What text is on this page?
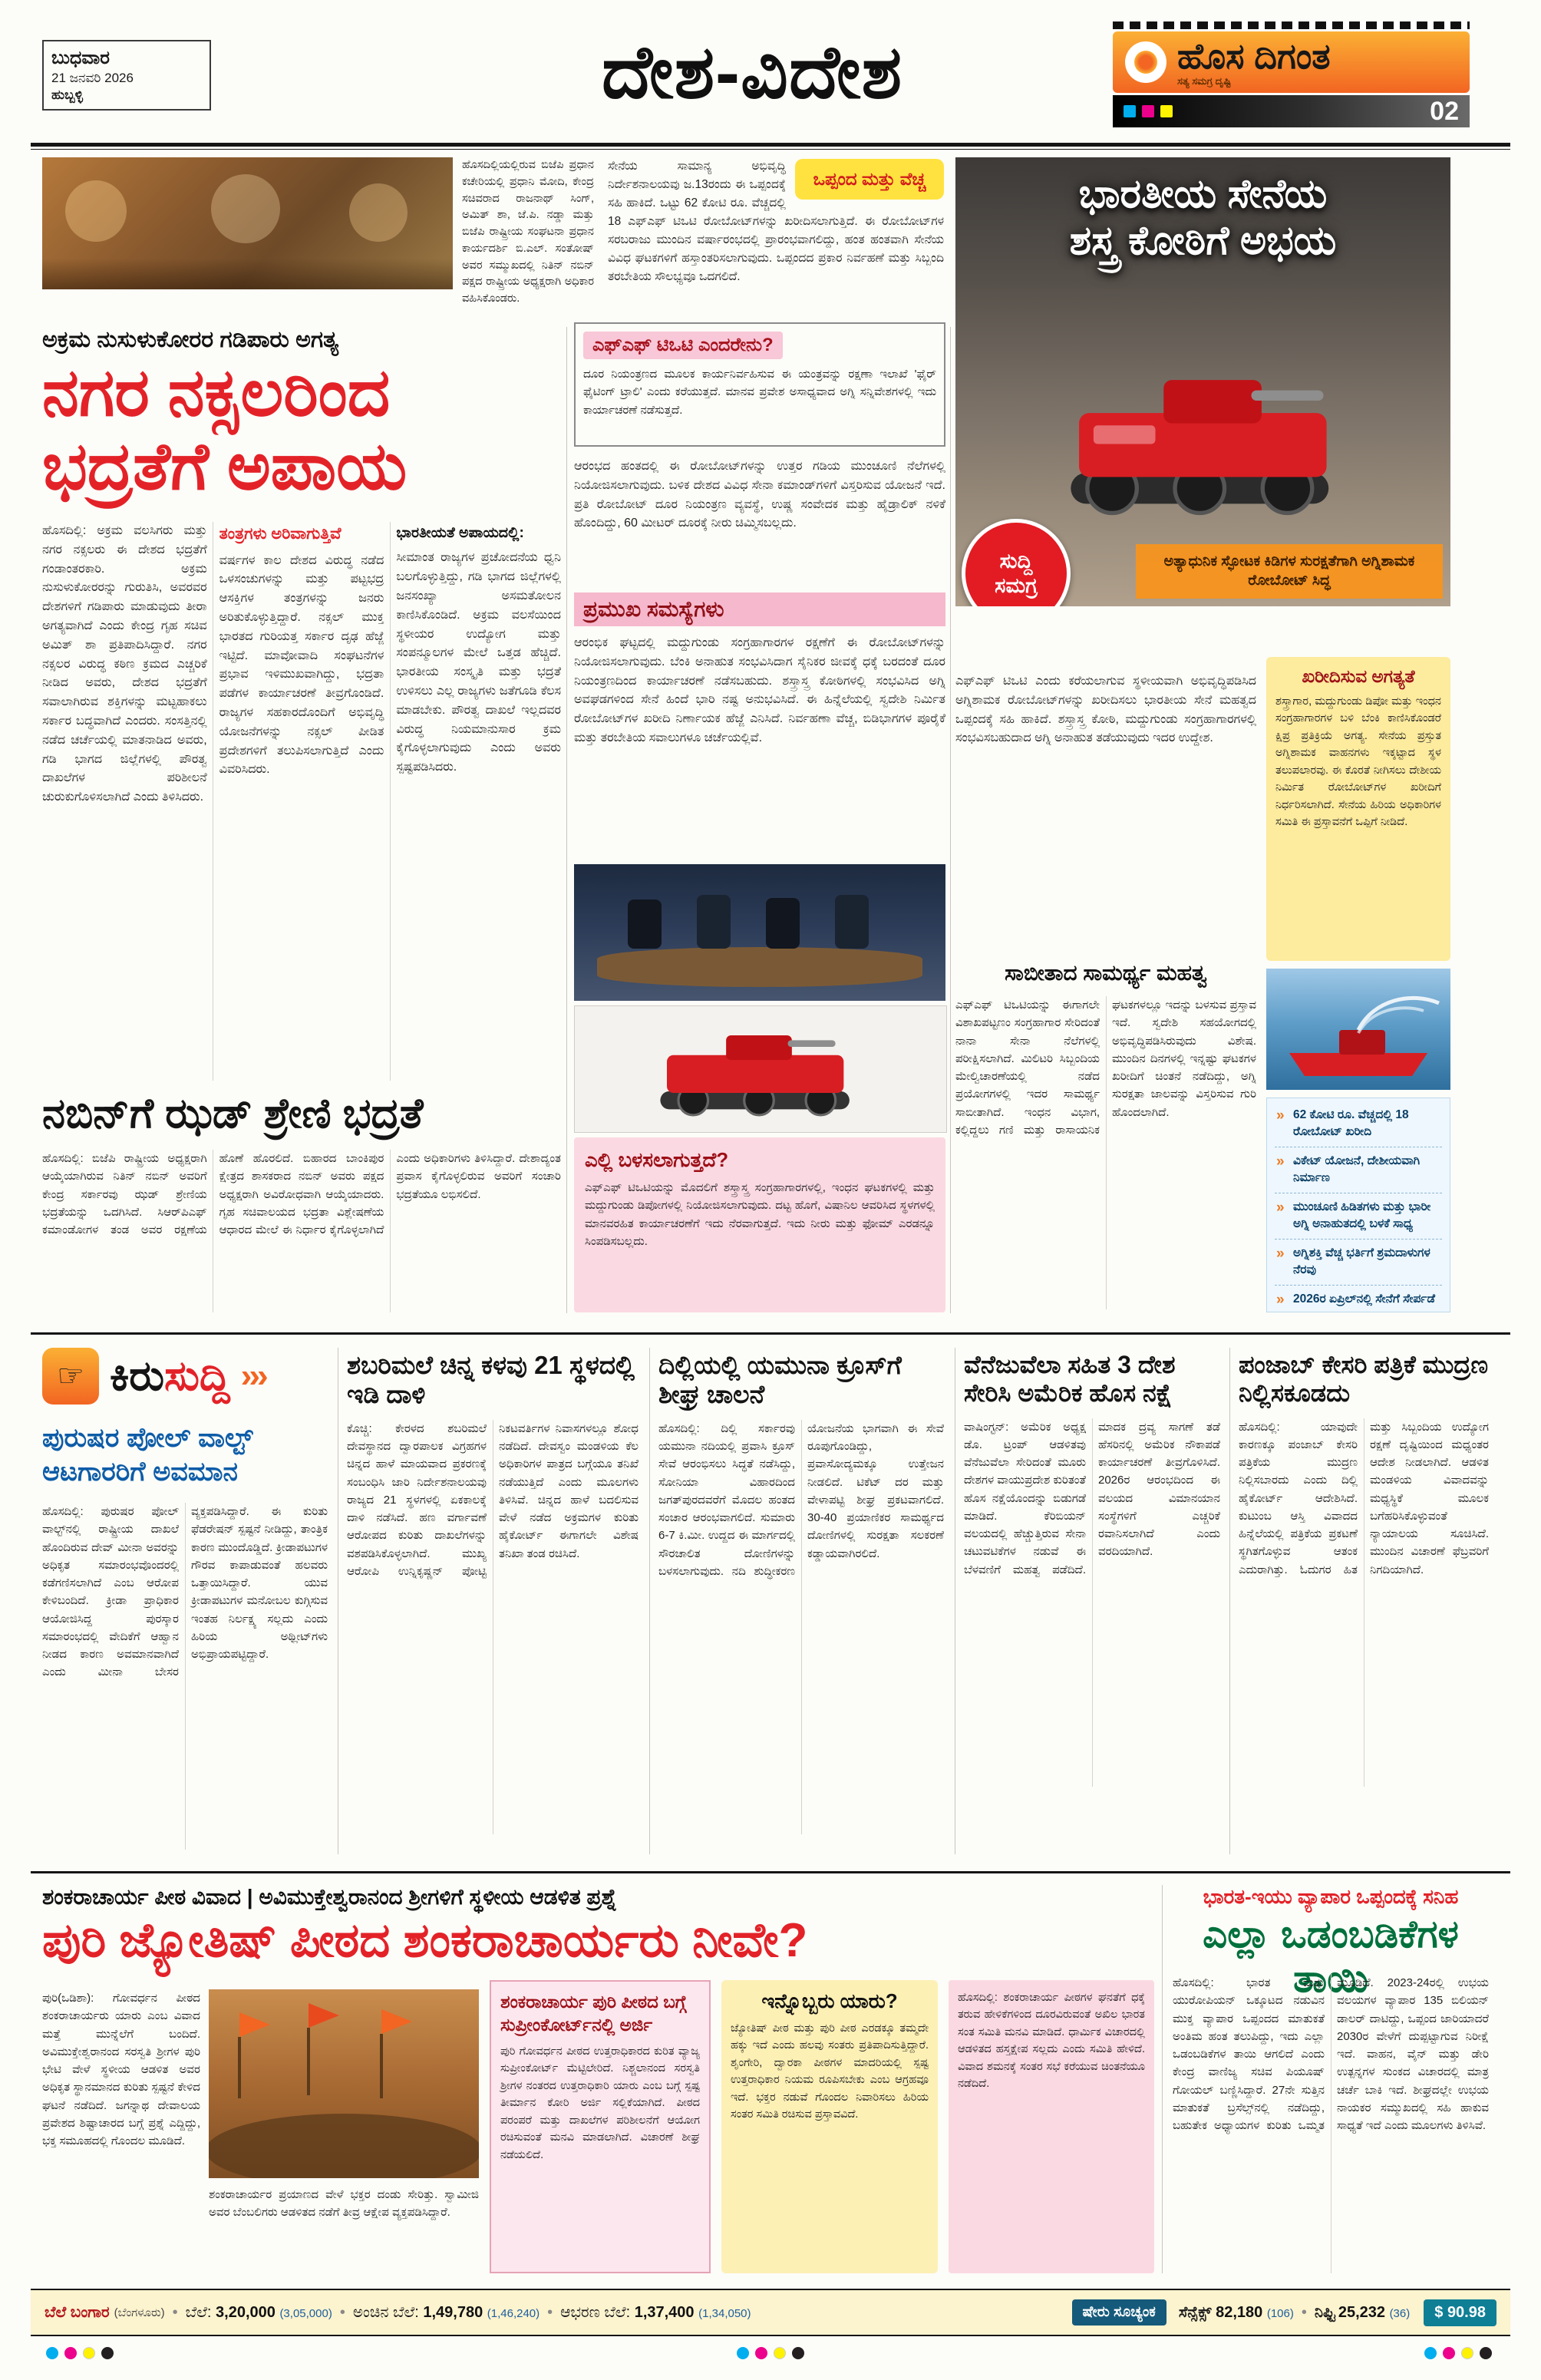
ಬುಧವಾರ
21 ಜನವರಿ 2026
ಹುಬ್ಬಳ್ಳಿ	ದೇಶ-ವಿದೇಶ	ಹೊಸ ದಿಗಂತ
ಸತ್ಯ ಸಮಗ್ರ ದೃಷ್ಟಿ
02
ಹೊಸದಿಲ್ಲಿಯಲ್ಲಿರುವ ಬಿಜೆಪಿ ಪ್ರಧಾನ ಕಚೇರಿಯಲ್ಲಿ ಪ್ರಧಾನಿ ಮೋದಿ, ಕೇಂದ್ರ ಸಚಿವರಾದ ರಾಜನಾಥ್ ಸಿಂಗ್, ಅಮಿತ್ ಶಾ, ಜೆ.ಪಿ. ನಡ್ಡಾ ಮತ್ತು ಬಿಜೆಪಿ ರಾಷ್ಟ್ರೀಯ ಸಂಘಟನಾ ಪ್ರಧಾನ ಕಾರ್ಯದರ್ಶಿ ಬಿ.ಎಲ್. ಸಂತೋಷ್ ಅವರ ಸಮ್ಮುಖದಲ್ಲಿ ನಿತಿನ್ ನಬಿನ್ ಪಕ್ಷದ ರಾಷ್ಟ್ರೀಯ ಅಧ್ಯಕ್ಷರಾಗಿ ಅಧಿಕಾರ ವಹಿಸಿಕೊಂಡರು.
ಒಪ್ಪಂದ ಮತ್ತು ವೆಚ್ಚ
ಸೇನೆಯ ಸಾಮಾನ್ಯ ಅಭಿವೃದ್ಧಿ ನಿರ್ದೇಶನಾಲಯವು ಜ.13ರಂದು ಈ ಒಪ್ಪಂದಕ್ಕೆ ಸಹಿ ಹಾಕಿದೆ. ಒಟ್ಟು 62 ಕೋಟಿ ರೂ. ವೆಚ್ಚದಲ್ಲಿ 18 ಎಫ್‌ಎಫ್ ಟಿಒಟಿ ರೋಬೋಟ್‌ಗಳನ್ನು ಖರೀದಿಸಲಾಗುತ್ತಿದೆ. ಈ ರೋಬೋಟ್‌ಗಳ ಸರಬರಾಜು ಮುಂದಿನ ವರ್ಷಾರಂಭದಲ್ಲಿ ಪ್ರಾರಂಭವಾಗಲಿದ್ದು, ಹಂತ ಹಂತವಾಗಿ ಸೇನೆಯ ವಿವಿಧ ಘಟಕಗಳಿಗೆ ಹಸ್ತಾಂತರಿಸಲಾಗುವುದು. ಒಪ್ಪಂದದ ಪ್ರಕಾರ ನಿರ್ವಹಣೆ ಮತ್ತು ಸಿಬ್ಬಂದಿ ತರಬೇತಿಯ ಸೌಲಭ್ಯವೂ ಒದಗಲಿದೆ.
ಭಾರತೀಯ ಸೇನೆಯ
ಶಸ್ತ್ರ ಕೋಠಿಗೆ ಅಭಯ
ಅತ್ಯಾಧುನಿಕ ಸ್ಫೋಟಕ ಕಿಡಿಗಳ ಸುರಕ್ಷತೆಗಾಗಿ ಅಗ್ನಿಶಾಮಕ ರೋಬೋಟ್ ಸಿದ್ಧ
ಸುದ್ದಿ
ಸಮಗ್ರ
ಅಕ್ರಮ ನುಸುಳುಕೋರರ ಗಡಿಪಾರು ಅಗತ್ಯ
ನಗರ ನಕ್ಸಲರಿಂದ
ಭದ್ರತೆಗೆ ಅಪಾಯ

ಹೊಸದಿಲ್ಲಿ: ಅಕ್ರಮ ವಲಸಿಗರು ಮತ್ತು ನಗರ ನಕ್ಸಲರು ಈ ದೇಶದ ಭದ್ರತೆಗೆ ಗಂಡಾಂತರಕಾರಿ. ಅಕ್ರಮ ನುಸುಳುಕೋರರನ್ನು ಗುರುತಿಸಿ, ಅವರವರ ದೇಶಗಳಿಗೆ ಗಡಿಪಾರು ಮಾಡುವುದು ತೀರಾ ಅಗತ್ಯವಾಗಿದೆ ಎಂದು ಕೇಂದ್ರ ಗೃಹ ಸಚಿವ ಅಮಿತ್ ಶಾ ಪ್ರತಿಪಾದಿಸಿದ್ದಾರೆ. ನಗರ ನಕ್ಸಲರ ವಿರುದ್ಧ ಕಠಿಣ ಕ್ರಮದ ಎಚ್ಚರಿಕೆ ನೀಡಿದ ಅವರು, ದೇಶದ ಭದ್ರತೆಗೆ ಸವಾಲಾಗಿರುವ ಶಕ್ತಿಗಳನ್ನು ಮಟ್ಟಹಾಕಲು ಸರ್ಕಾರ ಬದ್ಧವಾಗಿದೆ ಎಂದರು. ಸಂಸತ್ತಿನಲ್ಲಿ ನಡೆದ ಚರ್ಚೆಯಲ್ಲಿ ಮಾತನಾಡಿದ ಅವರು, ಗಡಿ ಭಾಗದ ಜಿಲ್ಲೆಗಳಲ್ಲಿ ಪೌರತ್ವ ದಾಖಲೆಗಳ ಪರಿಶೀಲನೆ ಚುರುಕುಗೊಳಿಸಲಾಗಿದೆ ಎಂದು ತಿಳಿಸಿದರು.

ತಂತ್ರಗಳು ಅರಿವಾಗುತ್ತಿವೆ

ವರ್ಷಗಳ ಕಾಲ ದೇಶದ ವಿರುದ್ಧ ನಡೆದ ಒಳಸಂಚುಗಳನ್ನು ಮತ್ತು ಪಟ್ಟಭದ್ರ ಆಸಕ್ತಿಗಳ ತಂತ್ರಗಳನ್ನು ಜನರು ಅರಿತುಕೊಳ್ಳುತ್ತಿದ್ದಾರೆ. ನಕ್ಸಲ್ ಮುಕ್ತ ಭಾರತದ ಗುರಿಯತ್ತ ಸರ್ಕಾರ ದೃಢ ಹೆಜ್ಜೆ ಇಟ್ಟಿದೆ. ಮಾವೋವಾದಿ ಸಂಘಟನೆಗಳ ಪ್ರಭಾವ ಇಳಿಮುಖವಾಗಿದ್ದು, ಭದ್ರತಾ ಪಡೆಗಳ ಕಾರ್ಯಾಚರಣೆ ತೀವ್ರಗೊಂಡಿದೆ. ರಾಜ್ಯಗಳ ಸಹಕಾರದೊಂದಿಗೆ ಅಭಿವೃದ್ಧಿ ಯೋಜನೆಗಳನ್ನು ನಕ್ಸಲ್ ಪೀಡಿತ ಪ್ರದೇಶಗಳಿಗೆ ತಲುಪಿಸಲಾಗುತ್ತಿದೆ ಎಂದು ವಿವರಿಸಿದರು.

ಭಾರತೀಯತೆ ಅಪಾಯದಲ್ಲಿ:

ಸೀಮಾಂತ ರಾಜ್ಯಗಳ ಪ್ರಚೋದನೆಯ ಧ್ವನಿ ಬಲಗೊಳ್ಳುತ್ತಿದ್ದು, ಗಡಿ ಭಾಗದ ಜಿಲ್ಲೆಗಳಲ್ಲಿ ಜನಸಂಖ್ಯಾ ಅಸಮತೋಲನ ಕಾಣಿಸಿಕೊಂಡಿದೆ. ಅಕ್ರಮ ವಲಸೆಯಿಂದ ಸ್ಥಳೀಯರ ಉದ್ಯೋಗ ಮತ್ತು ಸಂಪನ್ಮೂಲಗಳ ಮೇಲೆ ಒತ್ತಡ ಹೆಚ್ಚಿದೆ. ಭಾರತೀಯ ಸಂಸ್ಕೃತಿ ಮತ್ತು ಭದ್ರತೆ ಉಳಿಸಲು ಎಲ್ಲ ರಾಜ್ಯಗಳು ಜತೆಗೂಡಿ ಕೆಲಸ ಮಾಡಬೇಕು. ಪೌರತ್ವ ದಾಖಲೆ ಇಲ್ಲದವರ ವಿರುದ್ಧ ನಿಯಮಾನುಸಾರ ಕ್ರಮ ಕೈಗೊಳ್ಳಲಾಗುವುದು ಎಂದು ಅವರು ಸ್ಪಷ್ಟಪಡಿಸಿದರು.

ಎಫ್‌ಎಫ್ ಟಿಒಟಿ ಎಂದರೇನು?
ದೂರ ನಿಯಂತ್ರಣದ ಮೂಲಕ ಕಾರ್ಯನಿರ್ವಹಿಸುವ ಈ ಯಂತ್ರವನ್ನು ರಕ್ಷಣಾ ಇಲಾಖೆ 'ಫೈರ್ ಫೈಟಿಂಗ್ ಟ್ರಾಲಿ' ಎಂದು ಕರೆಯುತ್ತದೆ. ಮಾನವ ಪ್ರವೇಶ ಅಸಾಧ್ಯವಾದ ಅಗ್ನಿ ಸನ್ನಿವೇಶಗಳಲ್ಲಿ ಇದು ಕಾರ್ಯಾಚರಣೆ ನಡೆಸುತ್ತದೆ.
ಆರಂಭದ ಹಂತದಲ್ಲಿ ಈ ರೋಬೋಟ್‌ಗಳನ್ನು ಉತ್ತರ ಗಡಿಯ ಮುಂಚೂಣಿ ನೆಲೆಗಳಲ್ಲಿ ನಿಯೋಜಿಸಲಾಗುವುದು. ಬಳಿಕ ದೇಶದ ವಿವಿಧ ಸೇನಾ ಕಮಾಂಡ್‌ಗಳಿಗೆ ವಿಸ್ತರಿಸುವ ಯೋಜನೆ ಇದೆ. ಪ್ರತಿ ರೋಬೋಟ್ ದೂರ ನಿಯಂತ್ರಣ ವ್ಯವಸ್ಥೆ, ಉಷ್ಣ ಸಂವೇದಕ ಮತ್ತು ಹೈಡ್ರಾಲಿಕ್ ನಳಿಕೆ ಹೊಂದಿದ್ದು, 60 ಮೀಟರ್ ದೂರಕ್ಕೆ ನೀರು ಚಿಮ್ಮಿಸಬಲ್ಲದು.
ಪ್ರಮುಖ ಸಮಸ್ಯೆಗಳು
ಆರಂಭಿಕ ಘಟ್ಟದಲ್ಲಿ ಮದ್ದುಗುಂಡು ಸಂಗ್ರಹಾಗಾರಗಳ ರಕ್ಷಣೆಗೆ ಈ ರೋಬೋಟ್‌ಗಳನ್ನು ನಿಯೋಜಿಸಲಾಗುವುದು. ಬೆಂಕಿ ಅನಾಹುತ ಸಂಭವಿಸಿದಾಗ ಸೈನಿಕರ ಜೀವಕ್ಕೆ ಧಕ್ಕೆ ಬರದಂತೆ ದೂರ ನಿಯಂತ್ರಣದಿಂದ ಕಾರ್ಯಾಚರಣೆ ನಡೆಸಬಹುದು. ಶಸ್ತ್ರಾಸ್ತ್ರ ಕೋಠಿಗಳಲ್ಲಿ ಸಂಭವಿಸಿದ ಅಗ್ನಿ ಅವಘಡಗಳಿಂದ ಸೇನೆ ಹಿಂದೆ ಭಾರಿ ನಷ್ಟ ಅನುಭವಿಸಿದೆ. ಈ ಹಿನ್ನೆಲೆಯಲ್ಲಿ ಸ್ವದೇಶಿ ನಿರ್ಮಿತ ರೋಬೋಟ್‌ಗಳ ಖರೀದಿ ನಿರ್ಣಾಯಕ ಹೆಜ್ಜೆ ಎನಿಸಿದೆ. ನಿರ್ವಹಣಾ ವೆಚ್ಚ, ಬಿಡಿಭಾಗಗಳ ಪೂರೈಕೆ ಮತ್ತು ತರಬೇತಿಯ ಸವಾಲುಗಳೂ ಚರ್ಚೆಯಲ್ಲಿವೆ.
ಎಲ್ಲಿ ಬಳಸಲಾಗುತ್ತದೆ?
ಎಫ್‌ಎಫ್ ಟಿಒಟಿಯನ್ನು ಮೊದಲಿಗೆ ಶಸ್ತ್ರಾಸ್ತ್ರ ಸಂಗ್ರಹಾಗಾರಗಳಲ್ಲಿ, ಇಂಧನ ಘಟಕಗಳಲ್ಲಿ ಮತ್ತು ಮದ್ದುಗುಂಡು ಡಿಪೋಗಳಲ್ಲಿ ನಿಯೋಜಿಸಲಾಗುವುದು. ದಟ್ಟ ಹೊಗೆ, ವಿಷಾನಿಲ ಆವರಿಸಿದ ಸ್ಥಳಗಳಲ್ಲಿ ಮಾನವರಹಿತ ಕಾರ್ಯಾಚರಣೆಗೆ ಇದು ನೆರವಾಗುತ್ತದೆ. ಇದು ನೀರು ಮತ್ತು ಫೋಮ್ ಎರಡನ್ನೂ ಸಿಂಪಡಿಸಬಲ್ಲದು.
ಎಫ್‌ಎಫ್ ಟಿಒಟಿ ಎಂದು ಕರೆಯಲಾಗುವ ಸ್ಥಳೀಯವಾಗಿ ಅಭಿವೃದ್ಧಿಪಡಿಸಿದ ಅಗ್ನಿಶಾಮಕ ರೋಬೋಟ್‌ಗಳನ್ನು ಖರೀದಿಸಲು ಭಾರತೀಯ ಸೇನೆ ಮಹತ್ವದ ಒಪ್ಪಂದಕ್ಕೆ ಸಹಿ ಹಾಕಿದೆ. ಶಸ್ತ್ರಾಸ್ತ್ರ ಕೋಠಿ, ಮದ್ದುಗುಂಡು ಸಂಗ್ರಹಾಗಾರಗಳಲ್ಲಿ ಸಂಭವಿಸಬಹುದಾದ ಅಗ್ನಿ ಅನಾಹುತ ತಡೆಯುವುದು ಇದರ ಉದ್ದೇಶ.
ಖರೀದಿಸುವ ಅಗತ್ಯತೆ
ಶಸ್ತ್ರಾಗಾರ, ಮದ್ದುಗುಂಡು ಡಿಪೋ ಮತ್ತು ಇಂಧನ ಸಂಗ್ರಹಾಗಾರಗಳ ಬಳಿ ಬೆಂಕಿ ಕಾಣಿಸಿಕೊಂಡರೆ ಕ್ಷಿಪ್ರ ಪ್ರತಿಕ್ರಿಯೆ ಅಗತ್ಯ. ಸೇನೆಯ ಪ್ರಸ್ತುತ ಅಗ್ನಿಶಾಮಕ ವಾಹನಗಳು ಇಕ್ಕಟ್ಟಾದ ಸ್ಥಳ ತಲುಪಲಾರವು. ಈ ಕೊರತೆ ನೀಗಿಸಲು ದೇಶೀಯ ನಿರ್ಮಿತ ರೋಬೋಟ್‌ಗಳ ಖರೀದಿಗೆ ನಿರ್ಧರಿಸಲಾಗಿದೆ. ಸೇನೆಯ ಹಿರಿಯ ಅಧಿಕಾರಿಗಳ ಸಮಿತಿ ಈ ಪ್ರಸ್ತಾವನೆಗೆ ಒಪ್ಪಿಗೆ ನೀಡಿದೆ.
ಸಾಬೀತಾದ ಸಾಮರ್ಥ್ಯ ಮಹತ್ವ
ಎಫ್‌ಎಫ್ ಟಿಒಟಿಯನ್ನು ಈಗಾಗಲೇ ವಿಶಾಖಪಟ್ಟಣಂ ಸಂಗ್ರಹಾಗಾರ ಸೇರಿದಂತೆ ನಾನಾ ಸೇನಾ ನೆಲೆಗಳಲ್ಲಿ ಪರೀಕ್ಷಿಸಲಾಗಿದೆ. ಮಿಲಿಟರಿ ಸಿಬ್ಬಂದಿಯ ಮೇಲ್ವಿಚಾರಣೆಯಲ್ಲಿ ನಡೆದ ಪ್ರಯೋಗಗಳಲ್ಲಿ ಇದರ ಸಾಮರ್ಥ್ಯ ಸಾಬೀತಾಗಿದೆ. ಇಂಧನ ವಿಭಾಗ, ಕಲ್ಲಿದ್ದಲು ಗಣಿ ಮತ್ತು ರಾಸಾಯನಿಕ ಘಟಕಗಳಲ್ಲೂ ಇದನ್ನು ಬಳಸುವ ಪ್ರಸ್ತಾವ ಇದೆ. ಸ್ವದೇಶಿ ಸಹಯೋಗದಲ್ಲಿ ಅಭಿವೃದ್ಧಿಪಡಿಸಿರುವುದು ವಿಶೇಷ. ಮುಂದಿನ ದಿನಗಳಲ್ಲಿ ಇನ್ನಷ್ಟು ಘಟಕಗಳ ಖರೀದಿಗೆ ಚಿಂತನೆ ನಡೆದಿದ್ದು, ಅಗ್ನಿ ಸುರಕ್ಷತಾ ಜಾಲವನ್ನು ವಿಸ್ತರಿಸುವ ಗುರಿ ಹೊಂದಲಾಗಿದೆ.	» 62 ಕೋಟಿ ರೂ. ವೆಚ್ಚದಲ್ಲಿ 18 ರೋಬೋಟ್ ಖರೀದಿ
» ವಿಕೇಟ್ ಯೋಜನೆ, ದೇಶೀಯವಾಗಿ ನಿರ್ಮಾಣ
» ಮುಂಚೂಣಿ ಹಿಡಿತಗಳು ಮತ್ತು ಭಾರೀ ಅಗ್ನಿ ಅನಾಹುತದಲ್ಲಿ ಬಳಕೆ ಸಾಧ್ಯ
» ಅಗ್ನಿಶಕ್ತಿ ವೆಚ್ಚ ಭರ್ತಿಗೆ ಶ್ರಮದಾಳುಗಳ ನೆರವು
» 2026ರ ಏಪ್ರಿಲ್‌ನಲ್ಲಿ ಸೇನೆಗೆ ಸೇರ್ಪಡೆ
ನಬಿನ್‌ಗೆ ಝಡ್ ಶ್ರೇಣಿ ಭದ್ರತೆ
ಹೊಸದಿಲ್ಲಿ: ಬಿಜೆಪಿ ರಾಷ್ಟ್ರೀಯ ಅಧ್ಯಕ್ಷರಾಗಿ ಆಯ್ಕೆಯಾಗಿರುವ ನಿತಿನ್ ನಬಿನ್ ಅವರಿಗೆ ಕೇಂದ್ರ ಸರ್ಕಾರವು ಝಡ್ ಶ್ರೇಣಿಯ ಭದ್ರತೆಯನ್ನು ಒದಗಿಸಿದೆ. ಸಿಆರ್‌ಪಿಎಫ್ ಕಮಾಂಡೋಗಳ ತಂಡ ಅವರ ರಕ್ಷಣೆಯ ಹೊಣೆ ಹೊರಲಿದೆ. ಬಿಹಾರದ ಬಾಂಕಿಪುರ ಕ್ಷೇತ್ರದ ಶಾಸಕರಾದ ನಬಿನ್ ಅವರು ಪಕ್ಷದ ಅಧ್ಯಕ್ಷರಾಗಿ ಅವಿರೋಧವಾಗಿ ಆಯ್ಕೆಯಾದರು. ಗೃಹ ಸಚಿವಾಲಯದ ಭದ್ರತಾ ವಿಶ್ಲೇಷಣೆಯ ಆಧಾರದ ಮೇಲೆ ಈ ನಿರ್ಧಾರ ಕೈಗೊಳ್ಳಲಾಗಿದೆ ಎಂದು ಅಧಿಕಾರಿಗಳು ತಿಳಿಸಿದ್ದಾರೆ. ದೇಶಾದ್ಯಂತ ಪ್ರವಾಸ ಕೈಗೊಳ್ಳಲಿರುವ ಅವರಿಗೆ ಸಂಚಾರಿ ಭದ್ರತೆಯೂ ಲಭಿಸಲಿದೆ.
☞ ಕಿರುಸುದ್ದಿ ›››
ಪುರುಷರ ಪೋಲ್ ವಾಲ್ಟ್ ಆಟಗಾರರಿಗೆ ಅವಮಾನ
ಹೊಸದಿಲ್ಲಿ: ಪುರುಷರ ಪೋಲ್ ವಾಲ್ಟ್‌ನಲ್ಲಿ ರಾಷ್ಟ್ರೀಯ ದಾಖಲೆ ಹೊಂದಿರುವ ದೇವ್ ಮೀನಾ ಅವರನ್ನು ಅಧಿಕೃತ ಸಮಾರಂಭವೊಂದರಲ್ಲಿ ಕಡೆಗಣಿಸಲಾಗಿದೆ ಎಂಬ ಆರೋಪ ಕೇಳಿಬಂದಿದೆ. ಕ್ರೀಡಾ ಪ್ರಾಧಿಕಾರ ಆಯೋಜಿಸಿದ್ದ ಪುರಸ್ಕಾರ ಸಮಾರಂಭದಲ್ಲಿ ವೇದಿಕೆಗೆ ಆಹ್ವಾನ ನೀಡದ ಕಾರಣ ಅವಮಾನವಾಗಿದೆ ಎಂದು ಮೀನಾ ಬೇಸರ ವ್ಯಕ್ತಪಡಿಸಿದ್ದಾರೆ. ಈ ಕುರಿತು ಫೆಡರೇಷನ್ ಸ್ಪಷ್ಟನೆ ನೀಡಿದ್ದು, ತಾಂತ್ರಿಕ ಕಾರಣ ಮುಂದೊಡ್ಡಿದೆ. ಕ್ರೀಡಾಪಟುಗಳ ಗೌರವ ಕಾಪಾಡುವಂತೆ ಹಲವರು ಒತ್ತಾಯಿಸಿದ್ದಾರೆ. ಯುವ ಕ್ರೀಡಾಪಟುಗಳ ಮನೋಬಲ ಕುಗ್ಗಿಸುವ ಇಂತಹ ನಿರ್ಲಕ್ಷ್ಯ ಸಲ್ಲದು ಎಂದು ಹಿರಿಯ ಅಥ್ಲೀಟ್‌ಗಳು ಅಭಿಪ್ರಾಯಪಟ್ಟಿದ್ದಾರೆ.
ಶಬರಿಮಲೆ ಚಿನ್ನ ಕಳವು 21 ಸ್ಥಳದಲ್ಲಿ ಇಡಿ ದಾಳಿ
ಕೊಚ್ಚಿ: ಕೇರಳದ ಶಬರಿಮಲೆ ದೇವಸ್ಥಾನದ ದ್ವಾರಪಾಲಕ ವಿಗ್ರಹಗಳ ಚಿನ್ನದ ಹಾಳೆ ಮಾಯವಾದ ಪ್ರಕರಣಕ್ಕೆ ಸಂಬಂಧಿಸಿ ಜಾರಿ ನಿರ್ದೇಶನಾಲಯವು ರಾಜ್ಯದ 21 ಸ್ಥಳಗಳಲ್ಲಿ ಏಕಕಾಲಕ್ಕೆ ದಾಳಿ ನಡೆಸಿದೆ. ಹಣ ವರ್ಗಾವಣೆ ಆರೋಪದ ಕುರಿತು ದಾಖಲೆಗಳನ್ನು ವಶಪಡಿಸಿಕೊಳ್ಳಲಾಗಿದೆ. ಮುಖ್ಯ ಆರೋಪಿ ಉನ್ನಿಕೃಷ್ಣನ್ ಪೋಟ್ಟಿ ನಿಕಟವರ್ತಿಗಳ ನಿವಾಸಗಳಲ್ಲೂ ಶೋಧ ನಡೆದಿದೆ. ದೇವಸ್ವಂ ಮಂಡಳಿಯ ಕೆಲ ಅಧಿಕಾರಿಗಳ ಪಾತ್ರದ ಬಗ್ಗೆಯೂ ತನಿಖೆ ನಡೆಯುತ್ತಿದೆ ಎಂದು ಮೂಲಗಳು ತಿಳಿಸಿವೆ. ಚಿನ್ನದ ಹಾಳೆ ಬದಲಿಸುವ ವೇಳೆ ನಡೆದ ಅಕ್ರಮಗಳ ಕುರಿತು ಹೈಕೋರ್ಟ್ ಈಗಾಗಲೇ ವಿಶೇಷ ತನಿಖಾ ತಂಡ ರಚಿಸಿದೆ.
ದಿಲ್ಲಿಯಲ್ಲಿ ಯಮುನಾ ಕ್ರೂಸ್‌ಗೆ ಶೀಘ್ರ ಚಾಲನೆ
ಹೊಸದಿಲ್ಲಿ: ದಿಲ್ಲಿ ಸರ್ಕಾರವು ಯಮುನಾ ನದಿಯಲ್ಲಿ ಪ್ರವಾಸಿ ಕ್ರೂಸ್ ಸೇವೆ ಆರಂಭಿಸಲು ಸಿದ್ಧತೆ ನಡೆಸಿದ್ದು, ಸೋನಿಯಾ ವಿಹಾರದಿಂದ ಜಗತ್‌ಪುರದವರೆಗೆ ಮೊದಲ ಹಂತದ ಸಂಚಾರ ಆರಂಭವಾಗಲಿದೆ. ಸುಮಾರು 6-7 ಕಿ.ಮೀ. ಉದ್ದದ ಈ ಮಾರ್ಗದಲ್ಲಿ ಸೌರಚಾಲಿತ ದೋಣಿಗಳನ್ನು ಬಳಸಲಾಗುವುದು. ನದಿ ಶುದ್ಧೀಕರಣ ಯೋಜನೆಯ ಭಾಗವಾಗಿ ಈ ಸೇವೆ ರೂಪುಗೊಂಡಿದ್ದು, ಪ್ರವಾಸೋದ್ಯಮಕ್ಕೂ ಉತ್ತೇಜನ ನೀಡಲಿದೆ. ಟಿಕೆಟ್ ದರ ಮತ್ತು ವೇಳಾಪಟ್ಟಿ ಶೀಘ್ರ ಪ್ರಕಟವಾಗಲಿದೆ. 30-40 ಪ್ರಯಾಣಿಕರ ಸಾಮರ್ಥ್ಯದ ದೋಣಿಗಳಲ್ಲಿ ಸುರಕ್ಷತಾ ಸಲಕರಣೆ ಕಡ್ಡಾಯವಾಗಿರಲಿದೆ.
ವೆನೆಜುವೆಲಾ ಸಹಿತ 3 ದೇಶ ಸೇರಿಸಿ ಅಮೆರಿಕ ಹೊಸ ನಕ್ಷೆ
ವಾಷಿಂಗ್ಟನ್: ಅಮೆರಿಕ ಅಧ್ಯಕ್ಷ ಡೊ. ಟ್ರಂಪ್ ಆಡಳಿತವು ವೆನೆಜುವೆಲಾ ಸೇರಿದಂತೆ ಮೂರು ದೇಶಗಳ ವಾಯುಪ್ರದೇಶ ಕುರಿತಂತೆ ಹೊಸ ನಕ್ಷೆಯೊಂದನ್ನು ಬಿಡುಗಡೆ ಮಾಡಿದೆ. ಕೆರಿಬಿಯನ್ ವಲಯದಲ್ಲಿ ಹೆಚ್ಚುತ್ತಿರುವ ಸೇನಾ ಚಟುವಟಿಕೆಗಳ ನಡುವೆ ಈ ಬೆಳವಣಿಗೆ ಮಹತ್ವ ಪಡೆದಿದೆ. ಮಾದಕ ದ್ರವ್ಯ ಸಾಗಣೆ ತಡೆ ಹೆಸರಿನಲ್ಲಿ ಅಮೆರಿಕ ನೌಕಾಪಡೆ ಕಾರ್ಯಾಚರಣೆ ತೀವ್ರಗೊಳಿಸಿದೆ. 2026ರ ಆರಂಭದಿಂದ ಈ ವಲಯದ ವಿಮಾನಯಾನ ಸಂಸ್ಥೆಗಳಿಗೆ ಎಚ್ಚರಿಕೆ ರವಾನಿಸಲಾಗಿದೆ ಎಂದು ವರದಿಯಾಗಿದೆ.
ಪಂಜಾಬ್ ಕೇಸರಿ ಪತ್ರಿಕೆ ಮುದ್ರಣ ನಿಲ್ಲಿಸಕೂಡದು
ಹೊಸದಿಲ್ಲಿ: ಯಾವುದೇ ಕಾರಣಕ್ಕೂ ಪಂಜಾಬ್ ಕೇಸರಿ ಪತ್ರಿಕೆಯ ಮುದ್ರಣ ನಿಲ್ಲಿಸಬಾರದು ಎಂದು ದಿಲ್ಲಿ ಹೈಕೋರ್ಟ್ ಆದೇಶಿಸಿದೆ. ಕುಟುಂಬ ಆಸ್ತಿ ವಿವಾದದ ಹಿನ್ನೆಲೆಯಲ್ಲಿ ಪತ್ರಿಕೆಯ ಪ್ರಕಟಣೆ ಸ್ಥಗಿತಗೊಳ್ಳುವ ಆತಂಕ ಎದುರಾಗಿತ್ತು. ಓದುಗರ ಹಿತ ಮತ್ತು ಸಿಬ್ಬಂದಿಯ ಉದ್ಯೋಗ ರಕ್ಷಣೆ ದೃಷ್ಟಿಯಿಂದ ಮಧ್ಯಂತರ ಆದೇಶ ನೀಡಲಾಗಿದೆ. ಆಡಳಿತ ಮಂಡಳಿಯ ವಿವಾದವನ್ನು ಮಧ್ಯಸ್ಥಿಕೆ ಮೂಲಕ ಬಗೆಹರಿಸಿಕೊಳ್ಳುವಂತೆ ನ್ಯಾಯಾಲಯ ಸೂಚಿಸಿದೆ. ಮುಂದಿನ ವಿಚಾರಣೆ ಫೆಬ್ರವರಿಗೆ ನಿಗದಿಯಾಗಿದೆ.
ಶಂಕರಾಚಾರ್ಯ ಪೀಠ ವಿವಾದ | ಅವಿಮುಕ್ತೇಶ್ವರಾನಂದ ಶ್ರೀಗಳಿಗೆ ಸ್ಥಳೀಯ ಆಡಳಿತ ಪ್ರಶ್ನೆ
ಪುರಿ ಜ್ಯೋತಿಷ್ ಪೀಠದ ಶಂಕರಾಚಾರ್ಯರು ನೀವೇ?
ಪುರಿ(ಒಡಿಶಾ): ಗೋವರ್ಧನ ಪೀಠದ ಶಂಕರಾಚಾರ್ಯರು ಯಾರು ಎಂಬ ವಿವಾದ ಮತ್ತೆ ಮುನ್ನೆಲೆಗೆ ಬಂದಿದೆ. ಅವಿಮುಕ್ತೇಶ್ವರಾನಂದ ಸರಸ್ವತಿ ಶ್ರೀಗಳ ಪುರಿ ಭೇಟಿ ವೇಳೆ ಸ್ಥಳೀಯ ಆಡಳಿತ ಅವರ ಅಧಿಕೃತ ಸ್ಥಾನಮಾನದ ಕುರಿತು ಸ್ಪಷ್ಟನೆ ಕೇಳಿದ ಘಟನೆ ನಡೆದಿದೆ. ಜಗನ್ನಾಥ ದೇವಾಲಯ ಪ್ರವೇಶದ ಶಿಷ್ಟಾಚಾರದ ಬಗ್ಗೆ ಪ್ರಶ್ನೆ ಎದ್ದಿದ್ದು, ಭಕ್ತ ಸಮೂಹದಲ್ಲಿ ಗೊಂದಲ ಮೂಡಿದೆ.
ಶಂಕರಾಚಾರ್ಯರ ಪ್ರಯಾಣದ ವೇಳೆ ಭಕ್ತರ ದಂಡು ಸೇರಿತ್ತು. ಸ್ವಾಮೀಜಿ ಅವರ ಬೆಂಬಲಿಗರು ಆಡಳಿತದ ನಡೆಗೆ ತೀವ್ರ ಆಕ್ಷೇಪ ವ್ಯಕ್ತಪಡಿಸಿದ್ದಾರೆ.
ಶಂಕರಾಚಾರ್ಯ ಪುರಿ ಪೀಠದ ಬಗ್ಗೆ ಸುಪ್ರೀಂಕೋರ್ಟ್‌ನಲ್ಲಿ ಅರ್ಜಿ
ಪುರಿ ಗೋವರ್ಧನ ಪೀಠದ ಉತ್ತರಾಧಿಕಾರದ ಕುರಿತ ವ್ಯಾಜ್ಯ ಸುಪ್ರೀಂಕೋರ್ಟ್ ಮೆಟ್ಟಿಲೇರಿದೆ. ನಿಶ್ಚಲಾನಂದ ಸರಸ್ವತಿ ಶ್ರೀಗಳ ನಂತರದ ಉತ್ತರಾಧಿಕಾರಿ ಯಾರು ಎಂಬ ಬಗ್ಗೆ ಸ್ಪಷ್ಟ ತೀರ್ಮಾನ ಕೋರಿ ಅರ್ಜಿ ಸಲ್ಲಿಕೆಯಾಗಿದೆ. ಪೀಠದ ಪರಂಪರೆ ಮತ್ತು ದಾಖಲೆಗಳ ಪರಿಶೀಲನೆಗೆ ಆಯೋಗ ರಚಿಸುವಂತೆ ಮನವಿ ಮಾಡಲಾಗಿದೆ. ವಿಚಾರಣೆ ಶೀಘ್ರ ನಡೆಯಲಿದೆ.
ಇನ್ನೊಬ್ಬರು ಯಾರು?
ಜ್ಯೋತಿಷ್ ಪೀಠ ಮತ್ತು ಪುರಿ ಪೀಠ ಎರಡಕ್ಕೂ ತಮ್ಮದೇ ಹಕ್ಕು ಇದೆ ಎಂದು ಹಲವು ಸಂತರು ಪ್ರತಿಪಾದಿಸುತ್ತಿದ್ದಾರೆ. ಶೃಂಗೇರಿ, ದ್ವಾರಕಾ ಪೀಠಗಳ ಮಾದರಿಯಲ್ಲಿ ಸ್ಪಷ್ಟ ಉತ್ತರಾಧಿಕಾರ ನಿಯಮ ರೂಪಿಸಬೇಕು ಎಂಬ ಆಗ್ರಹವೂ ಇದೆ. ಭಕ್ತರ ನಡುವೆ ಗೊಂದಲ ನಿವಾರಿಸಲು ಹಿರಿಯ ಸಂತರ ಸಮಿತಿ ರಚಿಸುವ ಪ್ರಸ್ತಾವವಿದೆ.
ಹೊಸದಿಲ್ಲಿ: ಶಂಕರಾಚಾರ್ಯ ಪೀಠಗಳ ಘನತೆಗೆ ಧಕ್ಕೆ ತರುವ ಹೇಳಿಕೆಗಳಿಂದ ದೂರವಿರುವಂತೆ ಅಖಿಲ ಭಾರತ ಸಂತ ಸಮಿತಿ ಮನವಿ ಮಾಡಿದೆ. ಧಾರ್ಮಿಕ ವಿಚಾರದಲ್ಲಿ ಆಡಳಿತದ ಹಸ್ತಕ್ಷೇಪ ಸಲ್ಲದು ಎಂದು ಸಮಿತಿ ಹೇಳಿದೆ. ವಿವಾದ ಶಮನಕ್ಕೆ ಸಂತರ ಸಭೆ ಕರೆಯುವ ಚಿಂತನೆಯೂ ನಡೆದಿದೆ.
ಭಾರತ-ಇಯು ವ್ಯಾಪಾರ ಒಪ್ಪಂದಕ್ಕೆ ಸನಿಹ
ಎಲ್ಲಾ ಒಡಂಬಡಿಕೆಗಳ ತಾಯಿ
ಹೊಸದಿಲ್ಲಿ: ಭಾರತ ಮತ್ತು ಯುರೋಪಿಯನ್ ಒಕ್ಕೂಟದ ನಡುವಿನ ಮುಕ್ತ ವ್ಯಾಪಾರ ಒಪ್ಪಂದದ ಮಾತುಕತೆ ಅಂತಿಮ ಹಂತ ತಲುಪಿದ್ದು, ಇದು ಎಲ್ಲಾ ಒಡಂಬಡಿಕೆಗಳ ತಾಯಿ ಆಗಲಿದೆ ಎಂದು ಕೇಂದ್ರ ವಾಣಿಜ್ಯ ಸಚಿವ ಪಿಯೂಷ್ ಗೋಯಲ್ ಬಣ್ಣಿಸಿದ್ದಾರೆ. 27ನೇ ಸುತ್ತಿನ ಮಾತುಕತೆ ಬ್ರಸೆಲ್ಸ್‌ನಲ್ಲಿ ನಡೆದಿದ್ದು, ಬಹುತೇಕ ಅಧ್ಯಾಯಗಳ ಕುರಿತು ಒಮ್ಮತ ಮೂಡಿದೆ. 2023-24ರಲ್ಲಿ ಉಭಯ ವಲಯಗಳ ವ್ಯಾಪಾರ 135 ಬಿಲಿಯನ್ ಡಾಲರ್ ದಾಟಿದ್ದು, ಒಪ್ಪಂದ ಜಾರಿಯಾದರೆ 2030ರ ವೇಳೆಗೆ ದುಪ್ಪಟ್ಟಾಗುವ ನಿರೀಕ್ಷೆ ಇದೆ. ವಾಹನ, ವೈನ್ ಮತ್ತು ಡೇರಿ ಉತ್ಪನ್ನಗಳ ಸುಂಕದ ವಿಚಾರದಲ್ಲಿ ಮಾತ್ರ ಚರ್ಚೆ ಬಾಕಿ ಇದೆ. ಶೀಘ್ರದಲ್ಲೇ ಉಭಯ ನಾಯಕರ ಸಮ್ಮುಖದಲ್ಲಿ ಸಹಿ ಹಾಕುವ ಸಾಧ್ಯತೆ ಇದೆ ಎಂದು ಮೂಲಗಳು ತಿಳಿಸಿವೆ.
ಬೆಲೆ ಬಂಗಾರ (ಬೆಂಗಳೂರು) • ಬೆಲೆ: 3,20,000 (3,05,000) • ಅಂಚಿನ ಬೆಲೆ: 1,49,780 (1,46,240) • ಆಭರಣ ಬೆಲೆ: 1,37,400 (1,34,050)	ಷೇರು ಸೂಚ್ಯಂಕ	ಸೆನ್ಸೆಕ್ಸ್ 82,180 (106) • ನಿಫ್ಟಿ 25,232 (36)	$ 90.98
